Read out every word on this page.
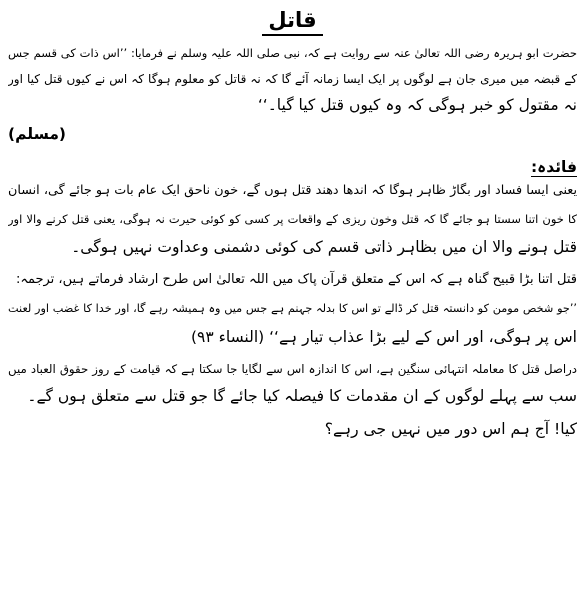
قاتل
حضرت ابو ہریرہ رضی اللہ تعالیٰ عنہ سے روایت ہے کہ، نبی صلی اللہ علیہ وسلم نے فرمایا: ’’اس ذات کی قسم جس
کے قبضہ میں میری جان ہے لوگوں پر ایک ایسا زمانہ آئے گا کہ نہ قاتل کو معلوم ہوگا کہ اس نے کیوں قتل کیا اور
نہ مقتول کو خبر ہوگی کہ وہ کیوں قتل کیا گیا۔‘‘
(مسلم)
فائدہ:
یعنی ایسا فساد اور بگاڑ ظاہر ہوگا کہ اندھا دھند قتل ہوں گے، خون ناحق ایک عام بات ہو جائے گی، انسان
کا خون اتنا سستا ہو جائے گا کہ قتل وخون ریزی کے واقعات پر کسی کو کوئی حیرت نہ ہوگی، یعنی قتل کرنے والا اور
قتل ہونے والا ان میں بظاہر ذاتی قسم کی کوئی دشمنی وعداوت نہیں ہوگی۔
قتل اتنا بڑا قبیح گناہ ہے کہ اس کے متعلق قرآن پاک میں اللہ تعالیٰ اس طرح ارشاد فرماتے ہیں، ترجمہ:
’’جو شخص مومن کو دانستہ قتل کر ڈالے تو اس کا بدلہ جہنم ہے جس میں وہ ہمیشہ رہے گا، اور خدا کا غضب اور لعنت
اس پر ہوگی، اور اس کے لیے بڑا عذاب تیار ہے‘‘ (النساء ۹۳)
دراصل قتل کا معاملہ انتہائی سنگین ہے، اس کا اندازہ اس سے لگایا جا سکتا ہے کہ قیامت کے روز حقوق العباد میں
سب سے پہلے لوگوں کے ان مقدمات کا فیصلہ کیا جائے گا جو قتل سے متعلق ہوں گے۔
کیا! آج ہم اس دور میں نہیں جی رہے؟
